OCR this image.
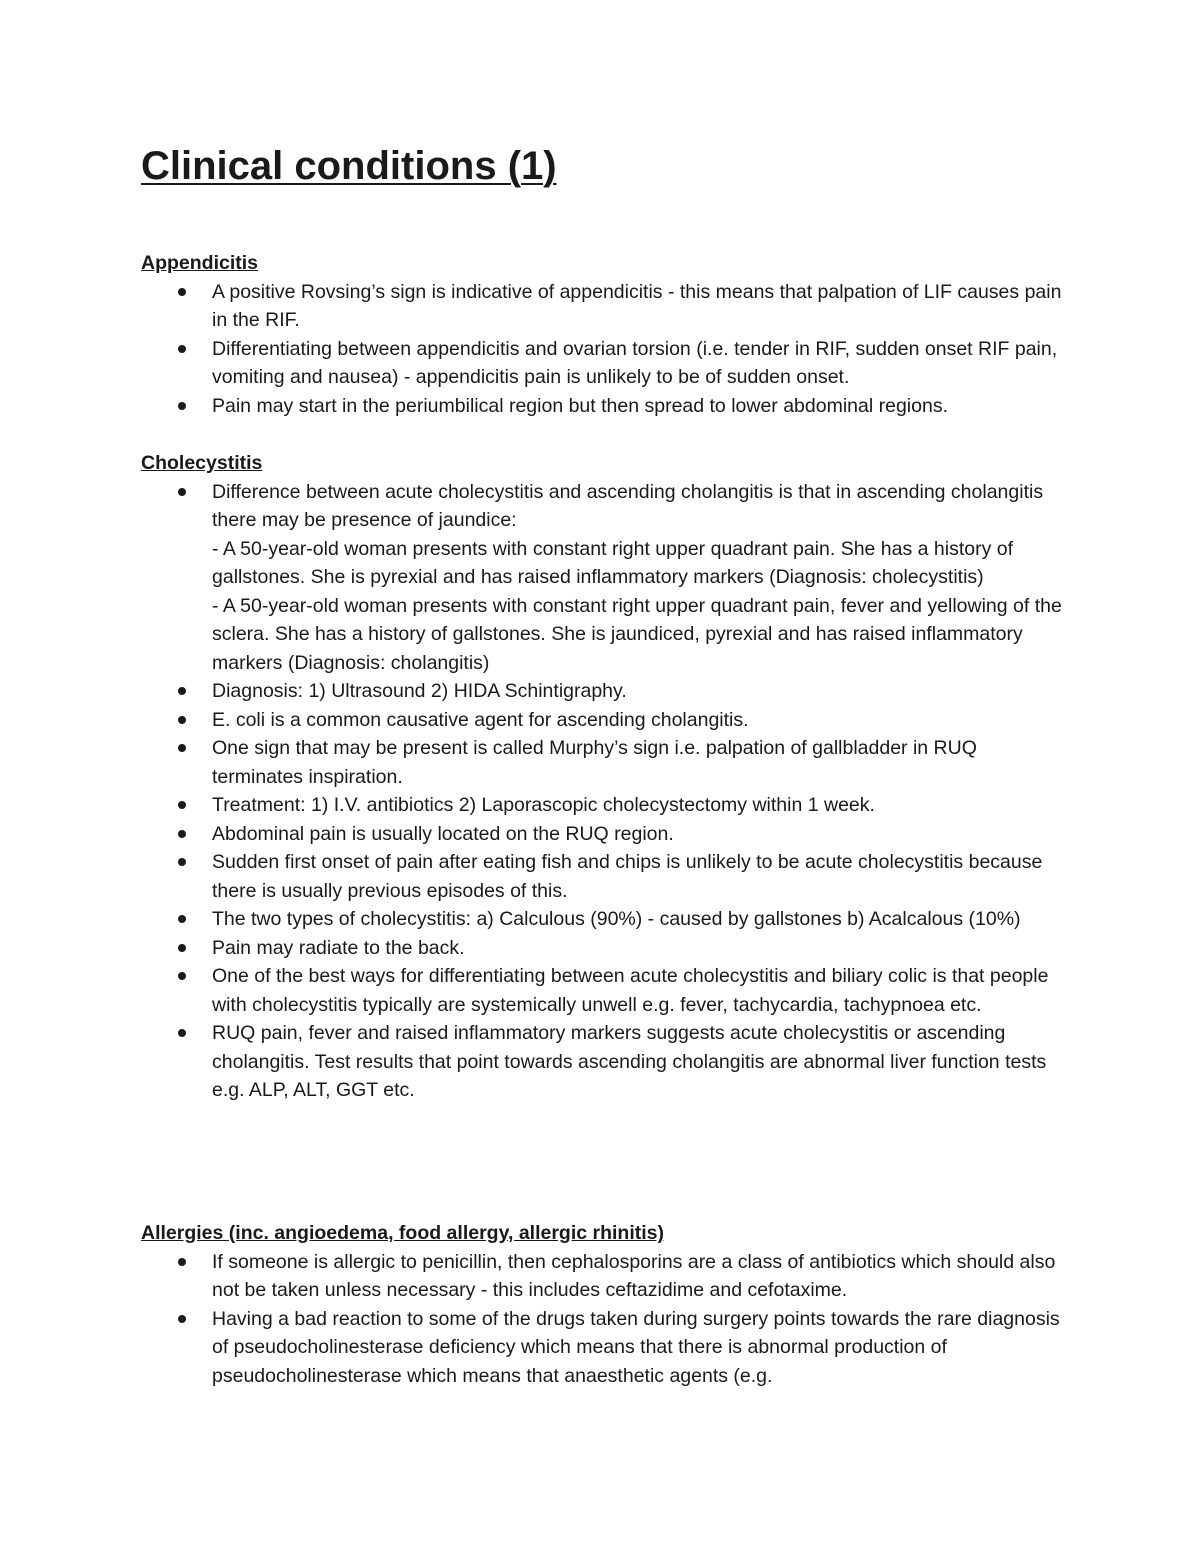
Clinical conditions (1)
Appendicitis
A positive Rovsing’s sign is indicative of appendicitis - this means that palpation of LIF causes pain in the RIF.
Differentiating between appendicitis and ovarian torsion (i.e. tender in RIF, sudden onset RIF pain, vomiting and nausea) - appendicitis pain is unlikely to be of sudden onset.
Pain may start in the periumbilical region but then spread to lower abdominal regions.
Cholecystitis
Difference between acute cholecystitis and ascending cholangitis is that in ascending cholangitis there may be presence of jaundice:
- A 50-year-old woman presents with constant right upper quadrant pain. She has a history of gallstones. She is pyrexial and has raised inflammatory markers (Diagnosis: cholecystitis)
- A 50-year-old woman presents with constant right upper quadrant pain, fever and yellowing of the sclera. She has a history of gallstones. She is jaundiced, pyrexial and has raised inflammatory markers (Diagnosis: cholangitis)
Diagnosis: 1) Ultrasound 2) HIDA Schintigraphy.
E. coli is a common causative agent for ascending cholangitis.
One sign that may be present is called Murphy’s sign i.e. palpation of gallbladder in RUQ terminates inspiration.
Treatment: 1) I.V. antibiotics 2) Laporascopic cholecystectomy within 1 week.
Abdominal pain is usually located on the RUQ region.
Sudden first onset of pain after eating fish and chips is unlikely to be acute cholecystitis because there is usually previous episodes of this.
The two types of cholecystitis: a) Calculous (90%) - caused by gallstones b) Acalcalous (10%)
Pain may radiate to the back.
One of the best ways for differentiating between acute cholecystitis and biliary colic is that people with cholecystitis typically are systemically unwell e.g. fever, tachycardia, tachypnoea etc.
RUQ pain, fever and raised inflammatory markers suggests acute cholecystitis or ascending cholangitis. Test results that point towards ascending cholangitis are abnormal liver function tests e.g. ALP, ALT, GGT etc.
Allergies (inc. angioedema, food allergy, allergic rhinitis)
If someone is allergic to penicillin, then cephalosporins are a class of antibiotics which should also not be taken unless necessary - this includes ceftazidime and cefotaxime.
Having a bad reaction to some of the drugs taken during surgery points towards the rare diagnosis of pseudocholinesterase deficiency which means that there is abnormal production of pseudocholinesterase which means that anaesthetic agents (e.g.
